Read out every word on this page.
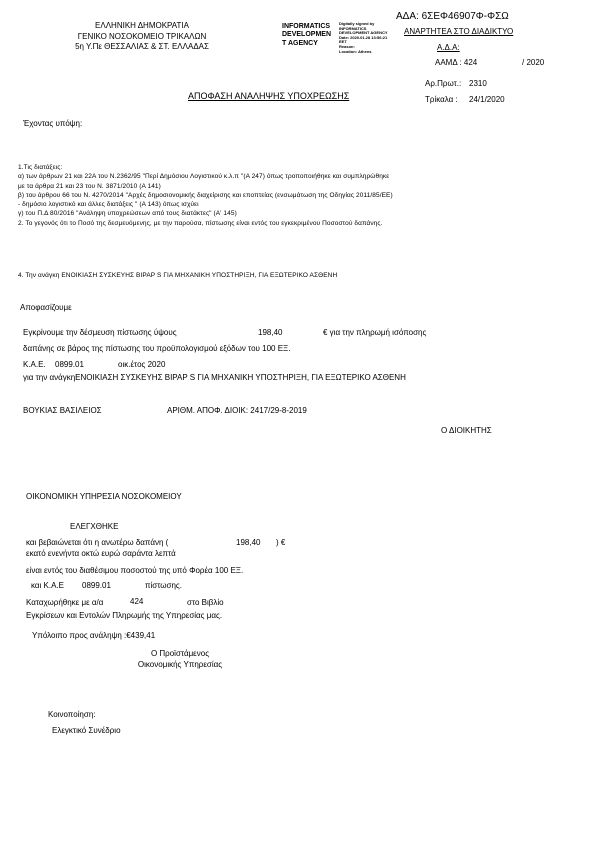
ΕΛΛΗΝΙΚΗ ΔΗΜΟΚΡΑΤΙΑ
ΓΕΝΙΚΟ ΝΟΣΟΚΟΜΕΙΟ ΤΡΙΚΑΛΩΝ
5η Υ.Πε ΘΕΣΣΑΛΙΑΣ & ΣΤ. ΕΛΛΑΔΑΣ
INFORMATICS
DEVELOPMEN
T AGENCY
Digitally signed by
INFORMATICS
DEVELOPMENT AGENCY
Date: 2020.01.28 13:56:21
EET
Reason:
Location: Athens
ΑΔΑ: 6ΣΕΦ46907Φ-ΦΣΩ
ΑΝΑΡΤΗΤΕΑ ΣΤΟ ΔΙΑΔΙΚΤΥΟ
Α.Δ.Α:
ΑΑΜΔ : 424	/ 2020
Αρ.Πρωτ.: 2310
Τρίκαλα : 24/1/2020
ΑΠΟΦΑΣΗ ΑΝΑΛΗΨΗΣ ΥΠΟΧΡΕΩΣΗΣ
Έχοντας υπόψη:
1.Τις διατάξεις:
α) των άρθρων 21 και 22Α του Ν.2362/95 "Περί Δημόσιου Λογιστικού κ.λ.π "(Α 247) όπως τροποποιήθηκε και συμπληρώθηκε
με τα άρθρα 21 και 23 του Ν. 3871/2010 (Α 141)
β) του άρθρου 66 του Ν. 4270/2014 "Αρχές δημοσιονομικής διαχείρισης και εποπτείας (ενσωμάτωση της Οδηγίας 2011/85/ΕΕ)
- δημόσιο λογιστικό και άλλες διατάξεις " (Α 143) όπως ισχύει
γ) του Π.Δ 80/2016 "Ανάληψη υποχρεώσεων από τους διατάκτες" (Α' 145)
2. Το γεγονός ότι το Ποσό της δεσμευόμενης, με την παρούσα, πίστωσης είναι εντός του εγκεκριμένου Ποσοστού δαπάνης.
4. Την ανάγκη ΕΝΟΙΚΙΑΣΗ ΣΥΣΚΕΥΗΣ BIPAP S ΓΙΑ ΜΗΧΑΝΙΚΗ ΥΠΟΣΤΗΡΙΞΗ, ΓΙΑ ΕΞΩΤΕΡΙΚΟ ΑΣΘΕΝΗ
Αποφασίζουμε
Εγκρίνουμε την δέσμευση πίστωσης ύψους	198,40	€ για την πληρωμή ισόποσης
δαπάνης σε βάρος της πίστωσης του προϋπολογισμού εξόδων του 100 ΕΞ.
Κ.Α.Ε. 0899.01	οικ.έτος 2020
για την ανάγκηΕΝΟΙΚΙΑΣΗ ΣΥΣΚΕΥΗΣ BIPAP S ΓΙΑ ΜΗΧΑΝΙΚΗ ΥΠΟΣΤΗΡΙΞΗ, ΓΙΑ ΕΞΩΤΕΡΙΚΟ ΑΣΘΕΝΗ
ΒΟΥΚΙΑΣ ΒΑΣΙΛΕΙΟΣ	ΑΡΙΘΜ. ΑΠΟΦ. ΔΙΟΙΚ: 2417/29-8-2019
Ο ΔΙΟΙΚΗΤΗΣ
ΟΙΚΟΝΟΜΙΚΗ ΥΠΗΡΕΣΙΑ ΝΟΣΟΚΟΜΕΙΟΥ
ΕΛΕΓΧΘΗΚΕ
και βεβαιώνεται ότι η ανωτέρω δαπάνη (	198,40 ) €
εκατό ενενήντα οκτώ ευρώ σαράντα λεπτά
είναι εντός του διαθέσιμου ποσοστού της υπό Φορέα 100 ΕΞ.
και Κ.Α.Ε 0899.01	πίστωσης.
Καταχωρήθηκε με α/α	424	στο Βιβλίο
Εγκρίσεων και Εντολών Πληρωμής της Υπηρεσίας μας.
Υπόλοιπο προς ανάληψη :€439,41
Ο Προϊστάμενος
Οικονομικής Υπηρεσίας
Κοινοποίηση:
Ελεγκτικό Συνέδριο
